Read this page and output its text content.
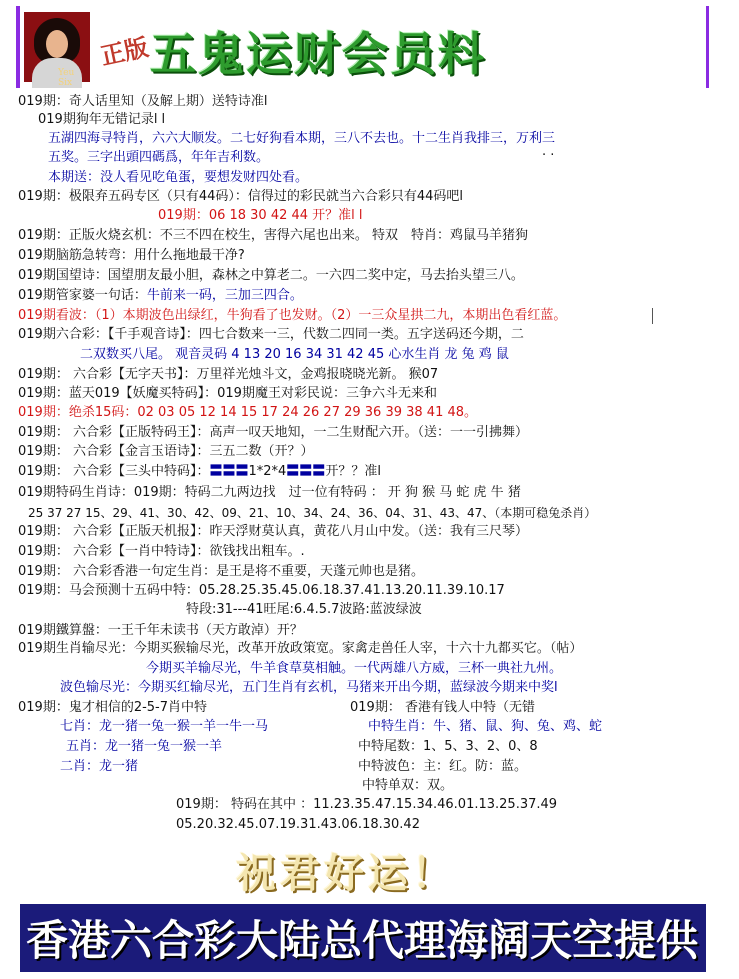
Yeu Six
正版 五鬼运财会员料
019期：奇人话里知（及解上期）送特诗准l
019期狗年无错记录l l
五湖四海寻特肖，六六大顺发。二七好狗看本期，三八不去也。十二生肖我排三，万利三
五奖。三字出頭四碼爲，年年吉利数。	· ·
本期送：没人看见吃龟蛋，要想发财四处看。
019期：极限弃五码专区（只有44码）：信得过的彩民就当六合彩只有44码吧l
019期：06 18 30 42 44 开？准l l
019期：正版火烧玄机：不三不四在校生，害得六尾也出来。 特双　特肖：鸡鼠马羊猪狗
019期脑筋急转弯：用什么拖地最干净?
019期国望诗：国望朋友最小胆，森林之中算老二。一六四二奖中定，马去抬头望三八。
019期管家婆一句话：牛前来一码，三加三四合。
019期看波：（1）本期波色出绿红，牛狗看了也发财。（2）一三众星拱二九，本期出色看红蓝。
019期六合彩：【千手观音诗】：四七合数来一三，代数二四同一类。五字送码还今期，二
二双数买八尾。 观音灵码 4 13 20 16 34 31 42 45 心水生肖 龙 兔 鸡 鼠
019期： 六合彩【无字天书】：万里祥光烛斗文，金鸡报晓晓光新。 猴07
019期：蓝天019【妖魔买特码】：019期魔王对彩民说：三争六斗无来和
019期：绝杀15码：02 03 05 12 14 15 17 24 26 27 29 36 39 38 41 48。
019期： 六合彩【正版特码王】：高声一叹天地知，一二生财配六开。（送：一一引拂舞）
019期： 六合彩【金言玉语诗】：三五二数（开？）
019期： 六合彩【三头中特码】：〓〓〓1*2*4〓〓〓开？？准l
019期特码生肖诗：019期：特码二九两边找　过一位有特码 ： 开 狗 猴 马 蛇 虎 牛 猪
25 37 27 15、29、41、30、42、09、21、10、34、24、36、04、31、43、47、（本期可稳兔杀肖）
019期： 六合彩【正版天机报】：昨天浮财莫认真，黄花八月山中发。（送：我有三尺琴）
019期： 六合彩【一肖中特诗】：欲钱找出粗车。.
019期： 六合彩香港一句定生肖：是王是将不重要，天蓬元帅也是猪。
019期：马会预测十五码中特：05.28.25.35.45.06.18.37.41.13.20.11.39.10.17
特段:31---41旺尾:6.4.5.7波路:蓝波绿波
019期鐵算盤：一王千年未读书（天方敢淖）开？
019期生肖输尽光：今期买猴输尽光，改革开放政策宽。家禽走兽任人宰，十六十九都买它。（帖）
今期买羊输尽光，牛羊食草莫相触。一代两雄八方威，三杯一典社九州。
波色输尽光：今期买红输尽光，五门生肖有玄机，马猪来开出今期，蓝绿波今期来中奖l
019期：鬼才相信的2-5-7肖中特
七肖：龙一猪一兔一猴一羊一牛一马
五肖：龙一猪一兔一猴一羊
二肖：龙一猪
019期： 香港有钱人中特（无错
中特生肖：牛、猪、鼠、狗、兔、鸡、蛇
中特尾数：1、5、3、2、0、8
中特波色：主：红。防：蓝。
中特单双：双。
019期： 特码在其中 ：11.23.35.47.15.34.46.01.13.25.37.49
05.20.32.45.07.19.31.43.06.18.30.42
祝君好运！
香港六合彩大陆总代理海阔天空提供
